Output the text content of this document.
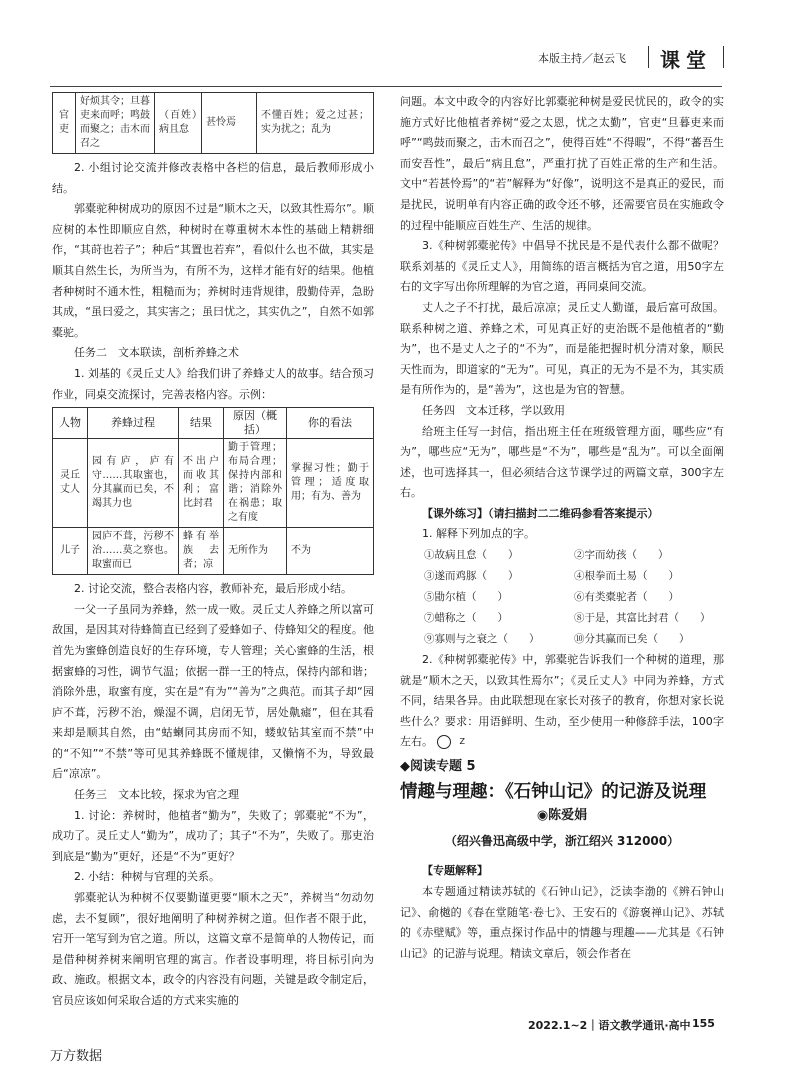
本版主持／赵云飞 课堂
官吏	好烦其令；旦暮吏来而呼；鸣鼓而聚之；击木而召之	（百姓）病且怠	甚怜焉	不懂百姓；爱之过甚；实为扰之；乱为

2. 小组讨论交流并修改表格中各栏的信息，最后教师形成小结。

郭橐驼种树成功的原因不过是“顺木之天，以致其性焉尔”。顺应树的本性即顺应自然，种树时在尊重树木本性的基础上精耕细作，“其莳也若子”；种后“其置也若弃”，看似什么也不做，其实是顺其自然生长，为所当为，有所不为，这样才能有好的结果。他植者种树时不通木性，粗糙而为；养树时违背规律，殷勤侍弄，急盼其成，“虽曰爱之，其实害之；虽曰忧之，其实仇之”，自然不如郭橐驼。

任务二　文本联读，剖析养蜂之术

1. 刘基的《灵丘丈人》给我们讲了养蜂丈人的故事。结合预习作业，同桌交流探讨，完善表格内容。示例：

人物	养蜂过程	结果	原因（概括）	你的看法
灵丘丈人	园有庐，庐有守……其取蜜也，分其赢而已矣，不竭其力也	不出户而收其利；富比封君	勤于管理；布局合理；保持内部和谐；消除外在祸患；取之有度	掌握习性；勤于管理；适度取用；有为、善为
儿子	园庐不葺，污秽不治……莫之察也。取蜜而已	蜂有举族去者；凉	无所作为	不为

2. 讨论交流，整合表格内容，教师补充，最后形成小结。

一父一子虽同为养蜂，然一成一败。灵丘丈人养蜂之所以富可敌国，是因其对待蜂简直已经到了爱蜂如子、侍蜂知父的程度。他首先为蜜蜂创造良好的生存环境，专人管理；关心蜜蜂的生活，根据蜜蜂的习性，调节气温；依据一群一王的特点，保持内部和谐；消除外患，取蜜有度，实在是“有为”“善为”之典范。而其子却“园庐不葺，污秽不治，燥湿不调，启闭无节，居处鼽瘧”，但在其看来却是顺其自然，由“蛄蝲同其房而不知，蝼蚁钻其室而不禁”中的“不知”“不禁”等可见其养蜂既不懂规律，又懒惰不为，导致最后“凉凉”。

任务三　文本比较，探求为官之理

1. 讨论：养树时，他植者“勤为”，失败了；郭橐驼“不为”，成功了。灵丘丈人“勤为”，成功了；其子“不为”，失败了。那吏治到底是“勤为”更好，还是“不为”更好？

2. 小结：种树与官理的关系。

郭橐驼认为种树不仅要勤谨更要“顺木之天”，养树当“勿动勿虑，去不复顾”，很好地阐明了种树养树之道。但作者不限于此，宕开一笔写到为官之道。所以，这篇文章不是简单的人物传记，而是借种树养树来阐明官理的寓言。作者设事明理，将目标引向为政、施政。根据文本，政令的内容没有问题，关键是政令制定后，官员应该如何采取合适的方式来实施的

问题。本文中政令的内容好比郭橐驼种树是爱民忧民的，政令的实施方式好比他植者养树“爱之太恩，忧之太勤”，官吏“旦暮吏来而呼”“鸣鼓而聚之，击木而召之”，使得百姓“不得暇”，不得“蕃吾生而安吾性”，最后“病且怠”，严重打扰了百姓正常的生产和生活。文中“若甚怜焉”的“若”解释为“好像”，说明这不是真正的爱民，而是扰民，说明单有内容正确的政令还不够，还需要官员在实施政令的过程中能顺应百姓生产、生活的规律。

3.《种树郭橐驼传》中倡导不扰民是不是代表什么都不做呢？联系刘基的《灵丘丈人》，用简练的语言概括为官之道，用50字左右的文字写出你所理解的为官之道，再同桌间交流。

丈人之子不打扰，最后凉凉；灵丘丈人勤谨，最后富可敌国。联系种树之道、养蜂之术，可见真正好的吏治既不是他植者的“勤为”，也不是丈人之子的“不为”，而是能把握时机分清对象，顺民天性而为，即道家的“无为”。可见，真正的无为不是不为，其实质是有所作为的，是“善为”，这也是为官的智慧。

任务四　文本迁移，学以致用

给班主任写一封信，指出班主任在班级管理方面，哪些应“有为”，哪些应“无为”，哪些是“不为”，哪些是“乱为”。可以全面阐述，也可选择其一，但必须结合这节课学过的两篇文章，300字左右。

【课外练习】（请扫描封二二维码参看答案提示）

1. 解释下列加点的字。

①故病且怠（　　）	②字而幼孩（　　）
③遂而鸡豚（　　）	④根拳而土易（　　）
⑤勖尔植（　　）	⑥有类橐驼者（　　）
⑦蜡称之（　　）	⑧于是，其富比封君（　　）
⑨寡则与之衰之（　　）	⑩分其赢而已矣（　　）

2.《种树郭橐驼传》中，郭橐驼告诉我们一个种树的道理，那就是“顺木之天，以致其性焉尔”；《灵丘丈人》中同为养蜂，方式不同，结果各异。由此联想现在家长对孩子的教育，你想对家长说些什么？要求：用语鲜明、生动，至少使用一种修辞手法，100字左右。	Z

◆阅读专题 5
情趣与理趣：《石钟山记》的记游及说理
◉陈爱娟
（绍兴鲁迅高级中学，浙江绍兴 312000）

【专题解释】

本专题通过精读苏轼的《石钟山记》，泛读李渤的《辨石钟山记》、俞樾的《春在堂随笔·卷七》、王安石的《游褒禅山记》、苏轼的《赤壁赋》等，重点探讨作品中的情趣与理趣——尤其是《石钟山记》的记游与说理。精读文章后，领会作者在

2022.1~2｜语文教学通讯·高中 155
万方数据
